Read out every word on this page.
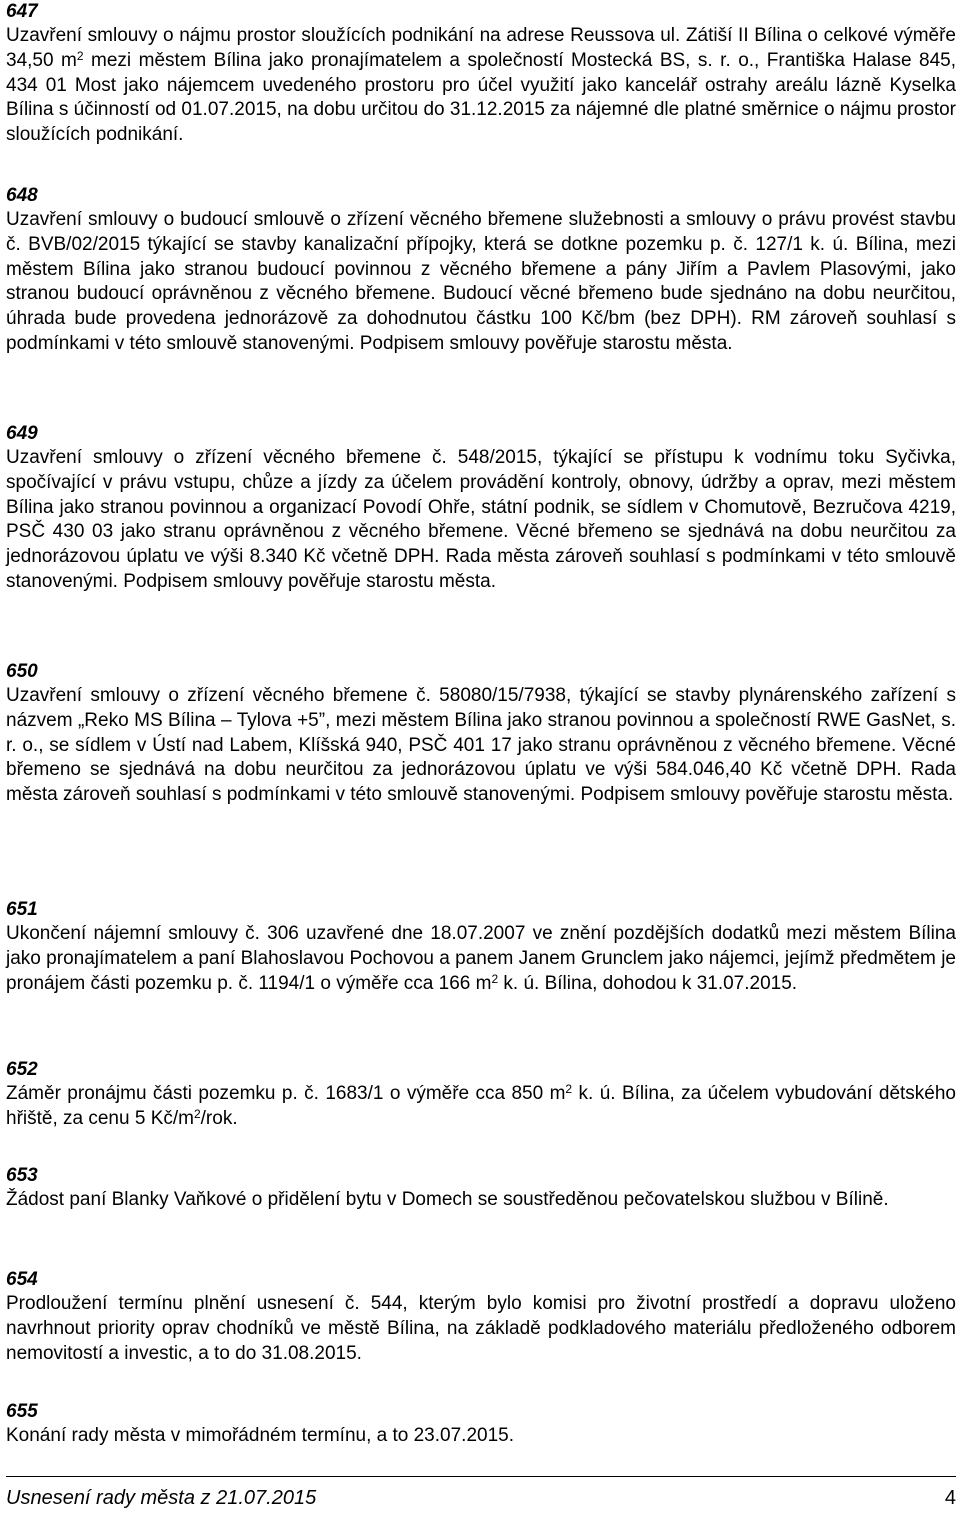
647

Uzavření smlouvy o nájmu prostor sloužících podnikání na adrese Reussova ul. Zátiší II Bílina o celkové výměře 34,50 $m^2$ mezi městem Bílina jako pronajímatelem a společností Mostecká BS, s. r. o., Františka Halase 845, 434 01 Most jako nájemcem uvedeného prostoru pro účel využití jako kancelář ostrahy areálu lázně Kyselka Bílina s účinností od 01.07.2015, na dobu určitou do 31.12.2015 za nájemné dle platné směrnice o nájmu prostor sloužících podnikání.

648

Uzavření smlouvy o budoucí smlouvě o zřízení věcného břemene služebnosti a smlouvy o právu provést stavbu č. BVB/02/2015 týkající se stavby kanalizační přípojky, která se dotkne pozemku p. č. 127/1 k. ú. Bílina, mezi městem Bílina jako stranou budoucí povinnou z věcného břemene a pány Jiřím a Pavlem Plasovými, jako stranou budoucí oprávněnou z věcného břemene. Budoucí věcné břemeno bude sjednáno na dobu neurčitou, úhrada bude provedena jednorázově za dohodnutou částku 100 Kč/bm (bez DPH). RM zároveň souhlasí s podmínkami v této smlouvě stanovenými. Podpisem smlouvy pověřuje starostu města.

649

Uzavření smlouvy o zřízení věcného břemene č. 548/2015, týkající se přístupu k vodnímu toku Syčivka, spočívající v právu vstupu, chůze a jízdy za účelem provádění kontroly, obnovy, údržby a oprav, mezi městem Bílina jako stranou povinnou a organizací Povodí Ohře, státní podnik, se sídlem v Chomutově, Bezručova 4219, PSČ 430 03 jako stranu oprávněnou z věcného břemene. Věcné břemeno se sjednává na dobu neurčitou za jednorázovou úplatu ve výši 8.340 Kč včetně DPH. Rada města zároveň souhlasí s podmínkami v této smlouvě stanovenými. Podpisem smlouvy pověřuje starostu města.

650

Uzavření smlouvy o zřízení věcného břemene č. 58080/15/7938, týkající se stavby plynárenského zařízení s názvem „Reko MS Bílina – Tylova +5”, mezi městem Bílina jako stranou povinnou a společností RWE GasNet, s. r. o., se sídlem v Ústí nad Labem, Klíšská 940, PSČ 401 17 jako stranu oprávněnou z věcného břemene. Věcné břemeno se sjednává na dobu neurčitou za jednorázovou úplatu ve výši 584.046,40 Kč včetně DPH. Rada města zároveň souhlasí s podmínkami v této smlouvě stanovenými. Podpisem smlouvy pověřuje starostu města.

651

Ukončení nájemní smlouvy č. 306 uzavřené dne 18.07.2007 ve znění pozdějších dodatků mezi městem Bílina jako pronajímatelem a paní Blahoslavou Pochovou a panem Janem Grunclem jako nájemci, jejímž předmětem je pronájem části pozemku p. č. 1194/1 o výměře cca 166 $m^2$ k. ú. Bílina, dohodou k 31.07.2015.

652

Záměr pronájmu části pozemku p. č. 1683/1 o výměře cca 850 $m^2$ k. ú. Bílina, za účelem vybudování dětského hřiště, za cenu 5 $Kč/m^2$/rok.

653

Žádost paní Blanky Vaňkové o přidělení bytu v Domech se soustředěnou pečovatelskou službou v Bílině.

654

Prodloužení termínu plnění usnesení č. 544, kterým bylo komisi pro životní prostředí a dopravu uloženo navrhnout priority oprav chodníků ve městě Bílina, na základě podkladového materiálu předloženého odborem nemovitostí a investic, a to do 31.08.2015.

655

Konání rady města v mimořádném termínu, a to 23.07.2015.

Usnesení rady města z 21.07.2015	4
